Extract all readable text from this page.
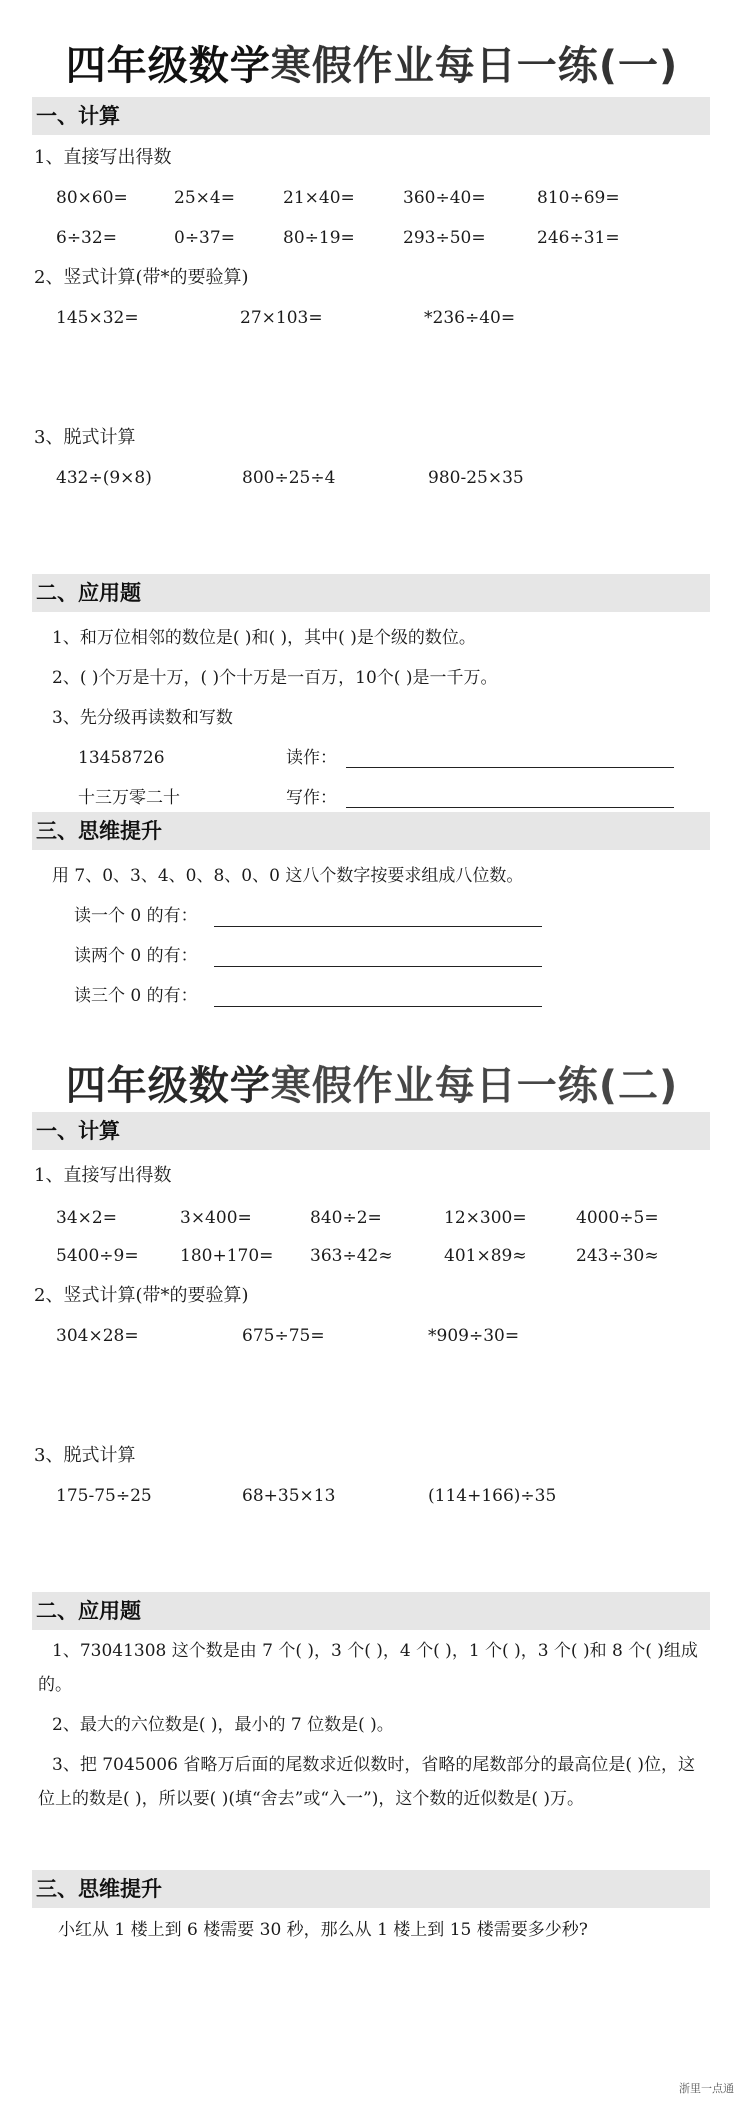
四年级数学寒假作业每日一练(一)
一、计算
1、直接写出得数
80×60=	25×4=	21×40=	360÷40=	810÷69=
6÷32=	0÷37=	80÷19=	293÷50=	246÷31=
2、竖式计算(带*的要验算)
145×32=	27×103=	*236÷40=
3、脱式计算
432÷(9×8)	800÷25÷4	980-25×35
二、应用题
1、和万位相邻的数位是( )和( )，其中( )是个级的数位。
2、( )个万是十万，( )个十万是一百万，10个( )是一千万。
3、先分级再读数和写数
13458726	读作：
十三万零二十	写作：
三、思维提升
用 7、0、3、4、0、8、0、0 这八个数字按要求组成八位数。
读一个 0 的有：
读两个 0 的有：
读三个 0 的有：
四年级数学寒假作业每日一练(二)
一、计算
1、直接写出得数
34×2=	3×400=	840÷2=	12×300=	4000÷5=
5400÷9= 180+170= 363÷42≈	401×89≈	243÷30≈
2、竖式计算(带*的要验算)
304×28=	675÷75=	*909÷30=
3、脱式计算
175-75÷25	68+35×13	(114+166)÷35
二、应用题
1、73041308 这个数是由 7 个( )，3 个( )，4 个( )，1 个( )，3 个( )和 8 个( )组成的。
2、最大的六位数是( )，最小的 7 位数是( )。
3、把 7045006 省略万后面的尾数求近似数时，省略的尾数部分的最高位是( )位，这位上的数是( )，所以要( )(填“舍去”或“入一”)，这个数的近似数是( )万。
三、思维提升
小红从 1 楼上到 6 楼需要 30 秒，那么从 1 楼上到 15 楼需要多少秒?
浙里一点通
